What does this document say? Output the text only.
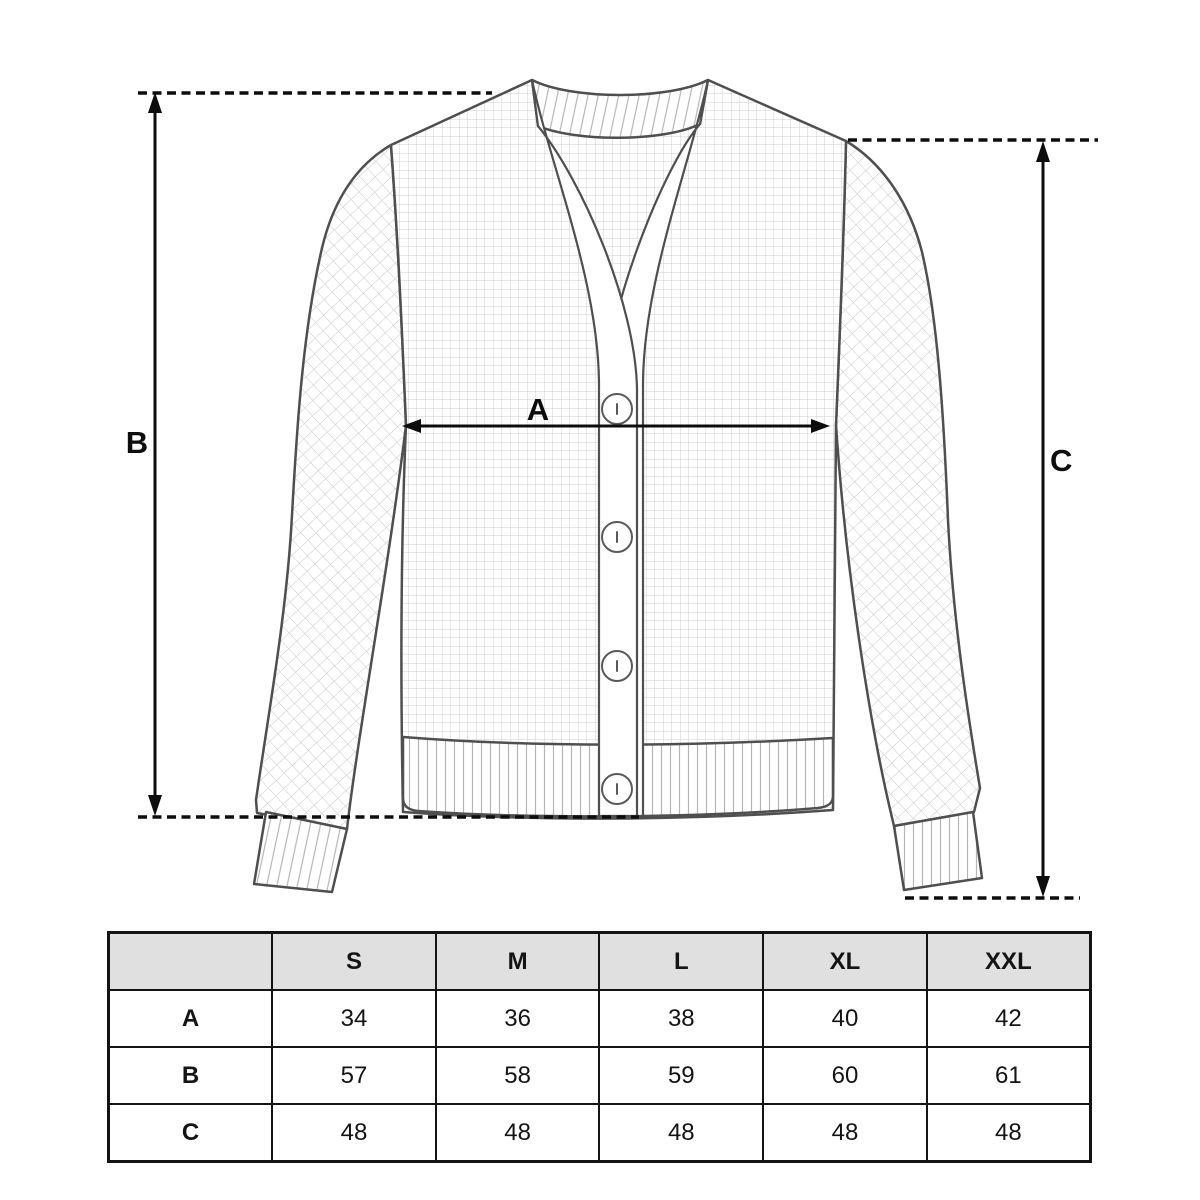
B
A
C
	S	M	L	XL	XXL
A	34	36	38	40	42
B	57	58	59	60	61
C	48	48	48	48	48
